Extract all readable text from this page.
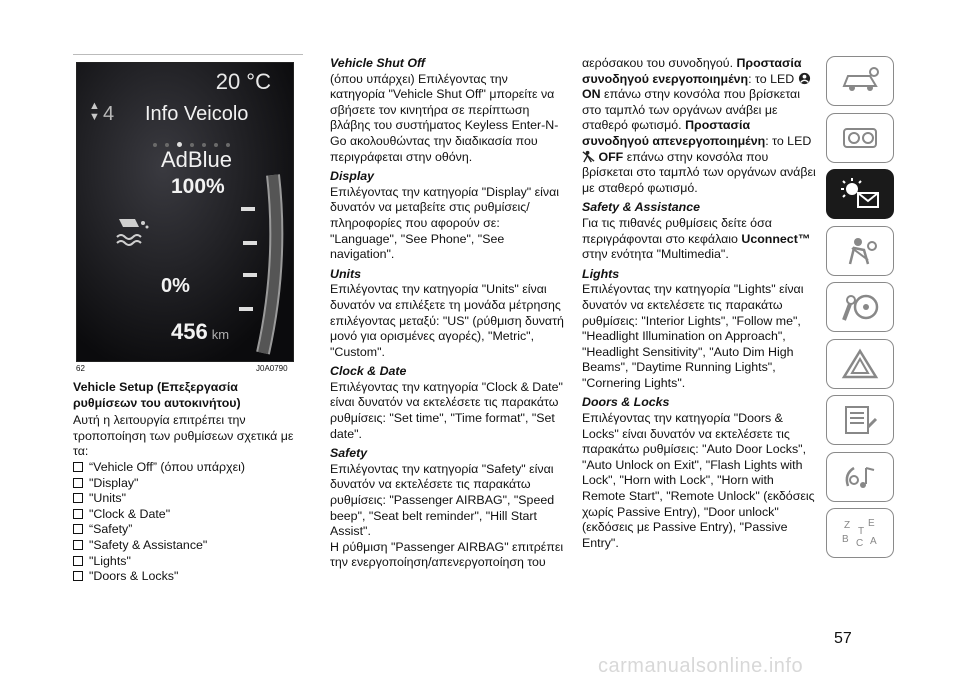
20 °C
▲
▼ 4 Info Veicolo
AdBlue
100%
0%
456 km
62	J0A0790

Vehicle Setup (Επεξεργασία ρυθμίσεων του αυτοκινήτου)

Αυτή η λειτουργία επιτρέπει την τροποποίηση των ρυθμίσεων σχετικά με τα:

“Vehicle Off” (όπου υπάρχει)
"Display"
"Units"
"Clock & Date"
“Safety”
"Safety & Assistance"
"Lights"
"Doors & Locks"
Vehicle Shut Off

(όπου υπάρχει) Επιλέγοντας την κατηγορία "Vehicle Shut Off" μπορείτε να σβήσετε τον κινητήρα σε περίπτωση βλάβης του συστήματος Keyless Enter-N-Go ακολουθώντας την διαδικασία που περιγράφεται στην οθόνη.

Display

Επιλέγοντας την κατηγορία "Display" είναι δυνατόν να μεταβείτε στις ρυθμίσεις/πληροφορίες που αφορούν σε: "Language", "See Phone", "See navigation".

Units

Επιλέγοντας την κατηγορία "Units" είναι δυνατόν να επιλέξετε τη μονάδα μέτρησης επιλέγοντας μεταξύ: "US" (ρύθμιση δυνατή μονό για ορισμένες αγορές), "Metric", "Custom".

Clock & Date

Επιλέγοντας την κατηγορία "Clock & Date" είναι δυνατόν να εκτελέσετε τις παρακάτω ρυθμίσεις: "Set time", "Time format", "Set date".

Safety

Επιλέγοντας την κατηγορία "Safety" είναι δυνατόν να εκτελέσετε τις παρακάτω ρυθμίσεις: "Passenger AIRBAG", "Speed beep", "Seat belt reminder", "Hill Start Assist".

Η ρύθμιση "Passenger AIRBAG" επιτρέπει την ενεργοποίηση/απενεργοποίηση του

αερόσακου του συνοδηγού. Προστασία συνοδηγού ενεργοποιημένη: το LED  ON επάνω στην κονσόλα που βρίσκεται στο ταμπλό των οργάνων ανάβει με σταθερό φωτισμό. Προστασία συνοδηγού απενεργοποιημένη: το LED  OFF επάνω στην κονσόλα που βρίσκεται στο ταμπλό των οργάνων ανάβει με σταθερό φωτισμό.

Safety & Assistance

Για τις πιθανές ρυθμίσεις δείτε όσα περιγράφονται στο κεφάλαιο Uconnect™ στην ενότητα "Multimedia".

Lights

Επιλέγοντας την κατηγορία "Lights" είναι δυνατόν να εκτελέσετε τις παρακάτω ρυθμίσεις: "Interior Lights", "Follow me", "Headlight Illumination on Approach", "Headlight Sensitivity", "Auto Dim High Beams", "Daytime Running Lights", "Cornering Lights".

Doors & Locks

Επιλέγοντας την κατηγορία "Doors & Locks" είναι δυνατόν να εκτελέσετε τις παρακάτω ρυθμίσεις: "Auto Door Locks", "Auto Unlock on Exit", "Flash Lights with Lock", "Horn with Lock", "Horn with Remote Start", "Remote Unlock" (εκδόσεις χωρίς Passive Entry), "Door unlock" (εκδόσεις με Passive Entry), "Passive Entry".

Z E
B C A
T
57
carmanualsonline.info
